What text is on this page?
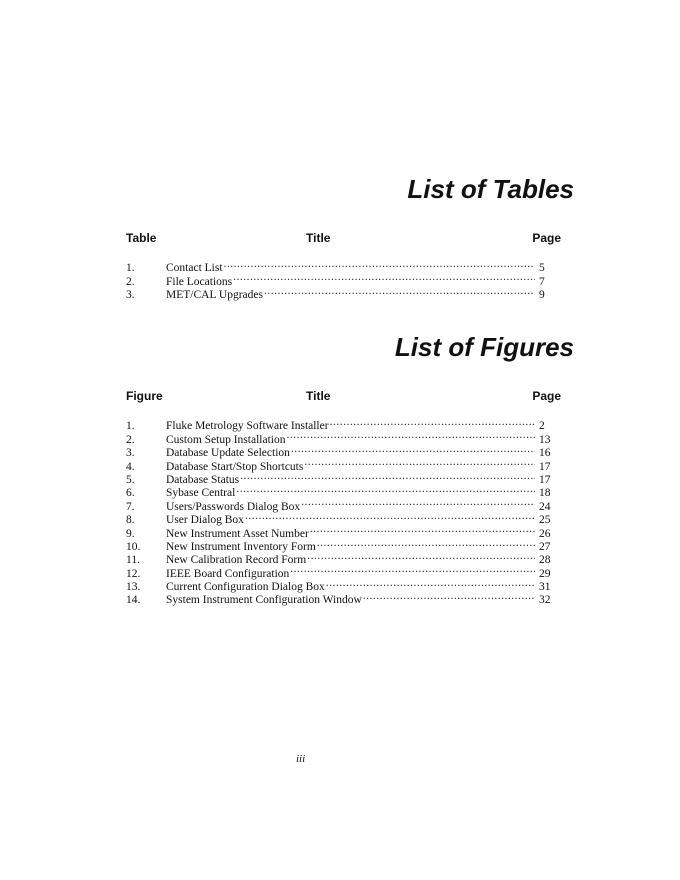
List of Tables
Table	Title	Page
1.	Contact List .....	5
2.	File Locations .....	7
3.	MET/CAL Upgrades .....	9
List of Figures
Figure	Title	Page
1.	Fluke Metrology Software Installer .....	2
2.	Custom Setup Installation .....	13
3.	Database Update Selection .....	16
4.	Database Start/Stop Shortcuts .....	17
5.	Database Status .....	17
6.	Sybase Central .....	18
7.	Users/Passwords Dialog Box .....	24
8.	User Dialog Box .....	25
9.	New Instrument Asset Number .....	26
10.	New Instrument Inventory Form .....	27
11.	New Calibration Record Form .....	28
12.	IEEE Board Configuration .....	29
13.	Current Configuration Dialog Box .....	31
14.	System Instrument Configuration Window .....	32
iii
